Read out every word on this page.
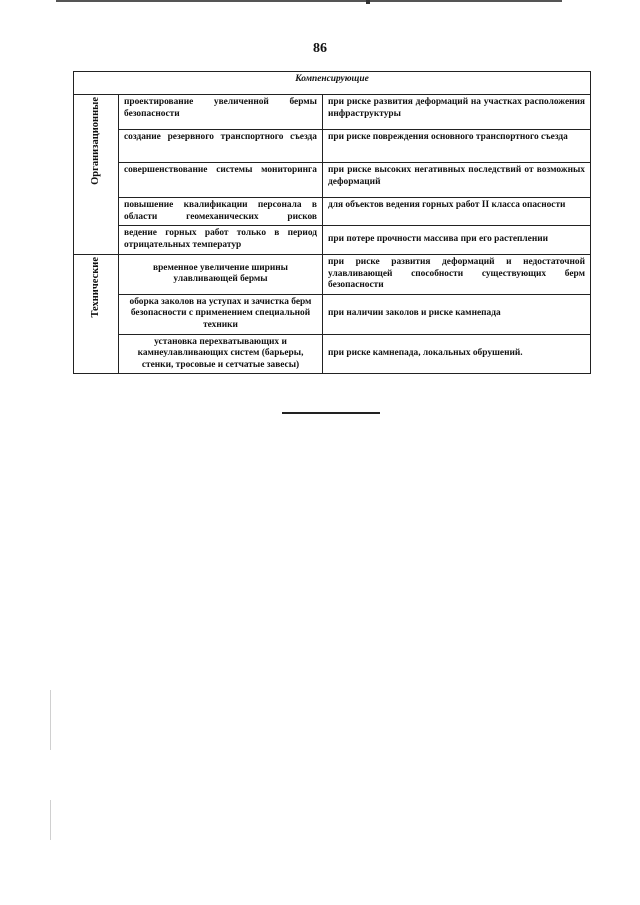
86
Компенсирующие		

Организационные	проектирование увеличенной бермы безопасности	при риске развития деформаций на участках расположения инфраструктуры
	создание резервного транспортного съезда	при риске повреждения основного транспортного съезда
	совершенствование системы мониторинга	при риске высоких негативных последствий от возможных деформаций
	повышение квалификации персонала в области геомеханических рисков	для объектов ведения горных работ II класса опасности
	ведение горных работ только в период отрицательных температур	при потере прочности массива при его растеплении

Технические	временное увеличение ширины улавливающей бермы	при риске развития деформаций и недостаточной улавливающей способности существующих берм безопасности
	оборка заколов на уступах и зачистка берм безопасности с применением специальной техники	при наличии заколов и риске камнепада
	установка перехватывающих и камнеулавливающих систем (барьеры, стенки, тросовые и сетчатые завесы)	при риске камнепада, локальных обрушений.
